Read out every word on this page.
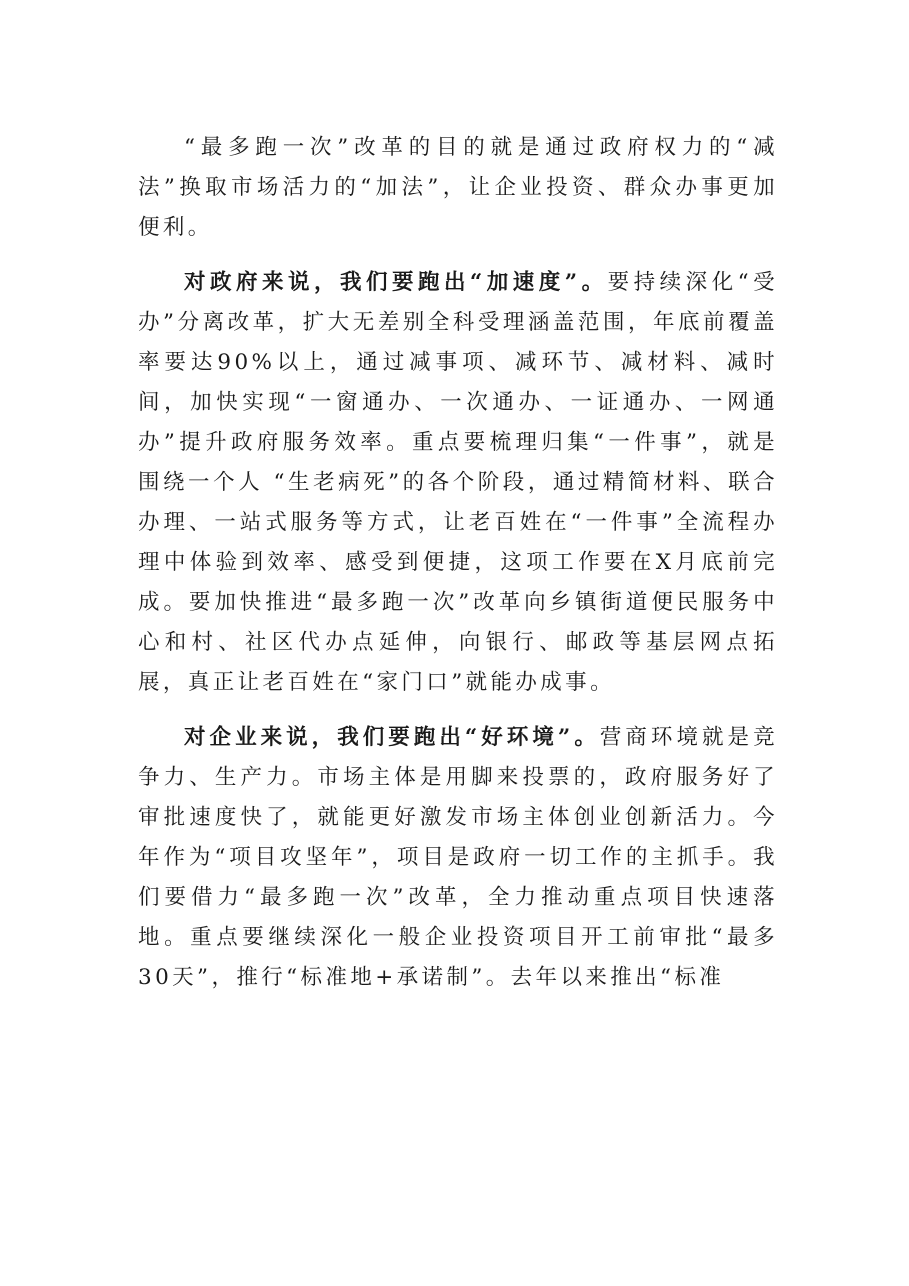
“最多跑一次”改革的目的就是通过政府权力的“减法”换取市场活力的“加法”，让企业投资、群众办事更加便利。

对政府来说，我们要跑出“加速度”。要持续深化“受办”分离改革，扩大无差别全科受理涵盖范围，年底前覆盖率要达90%以上，通过减事项、减环节、减材料、减时间，加快实现“一窗通办、一次通办、一证通办、一网通办”提升政府服务效率。重点要梳理归集“一件事”，就是围绕一个人 “生老病死”的各个阶段，通过精简材料、联合办理、一站式服务等方式，让老百姓在“一件事”全流程办理中体验到效率、感受到便捷，这项工作要在X月底前完成。要加快推进“最多跑一次”改革向乡镇街道便民服务中心和村、社区代办点延伸，向银行、邮政等基层网点拓展，真正让老百姓在“家门口”就能办成事。

对企业来说，我们要跑出“好环境”。营商环境就是竞争力、生产力。市场主体是用脚来投票的，政府服务好了审批速度快了，就能更好激发市场主体创业创新活力。今年作为“项目攻坚年”，项目是政府一切工作的主抓手。我们要借力“最多跑一次”改革，全力推动重点项目快速落地。重点要继续深化一般企业投资项目开工前审批“最多30天”，推行“标准地+承诺制”。去年以来推出“标准
